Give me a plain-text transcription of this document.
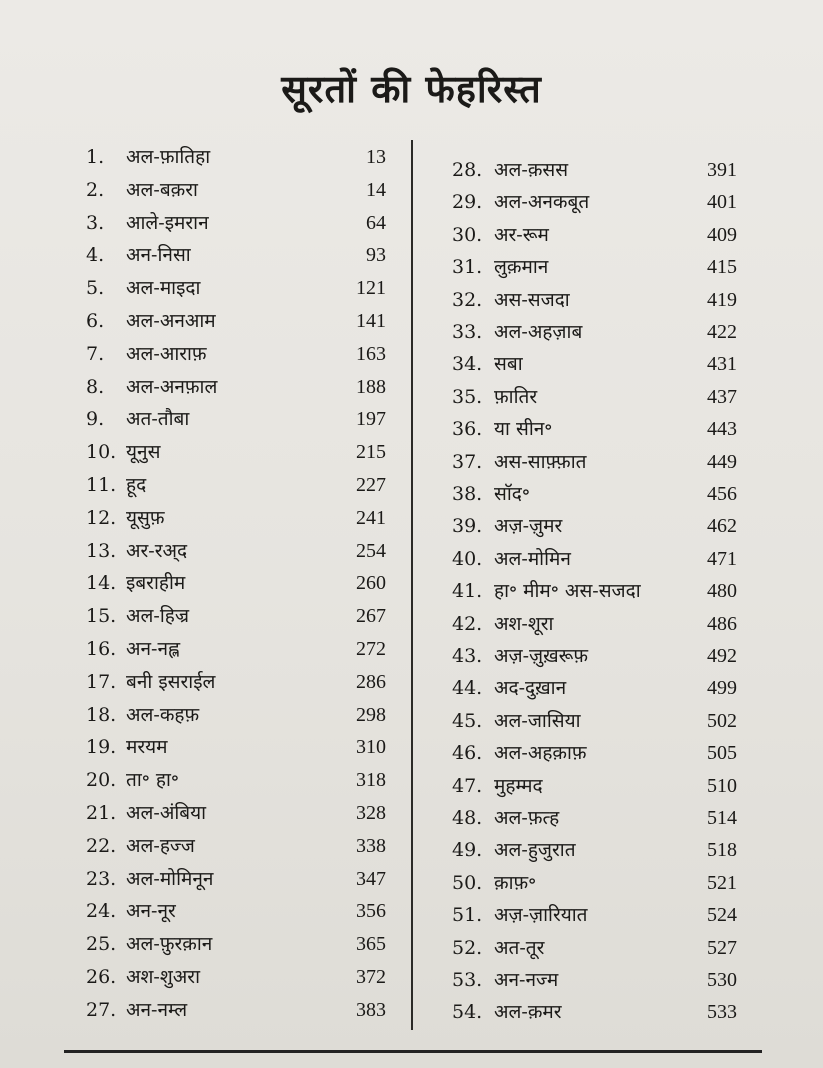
सूरतों की फेहरिस्त
1. अल-फ़ातिहा	13
2. अल-बक़रा	14
3. आले-इमरान	64
4. अन-निसा	93
5. अल-माइदा	121
6. अल-अनआम	141
7. अल-आराफ़	163
8. अल-अनफ़ाल	188
9. अत-तौबा	197
10. यूनुस	215
11. हूद	227
12. यूसुफ़	241
13. अर-रअ्द	254
14. इबराहीम	260
15. अल-हिज्र	267
16. अन-नह्ल	272
17. बनी इसराईल	286
18. अल-कहफ़	298
19. मरयम	310
20. ता॰ हा॰	318
21. अल-अंबिया	328
22. अल-हज्ज	338
23. अल-मोमिनून	347
24. अन-नूर	356
25. अल-फ़ुरक़ान	365
26. अश-शुअरा	372
27. अन-नम्ल	383
28. अल-क़सस	391
29. अल-अनकबूत	401
30. अर-रूम	409
31. लुक़मान	415
32. अस-सजदा	419
33. अल-अहज़ाब	422
34. सबा	431
35. फ़ातिर	437
36. या सीन॰	443
37. अस-साफ़्फ़ात	449
38. सॉद॰	456
39. अज़-ज़ुमर	462
40. अल-मोमिन	471
41. हा॰ मीम॰ अस-सजदा	480
42. अश-शूरा	486
43. अज़-ज़ुख़रूफ़	492
44. अद-दुख़ान	499
45. अल-जासिया	502
46. अल-अहक़ाफ़	505
47. मुहम्मद	510
48. अल-फ़त्ह	514
49. अल-हुजुरात	518
50. क़ाफ़॰	521
51. अज़-ज़ारियात	524
52. अत-तूर	527
53. अन-नज्म	530
54. अल-क़मर	533
